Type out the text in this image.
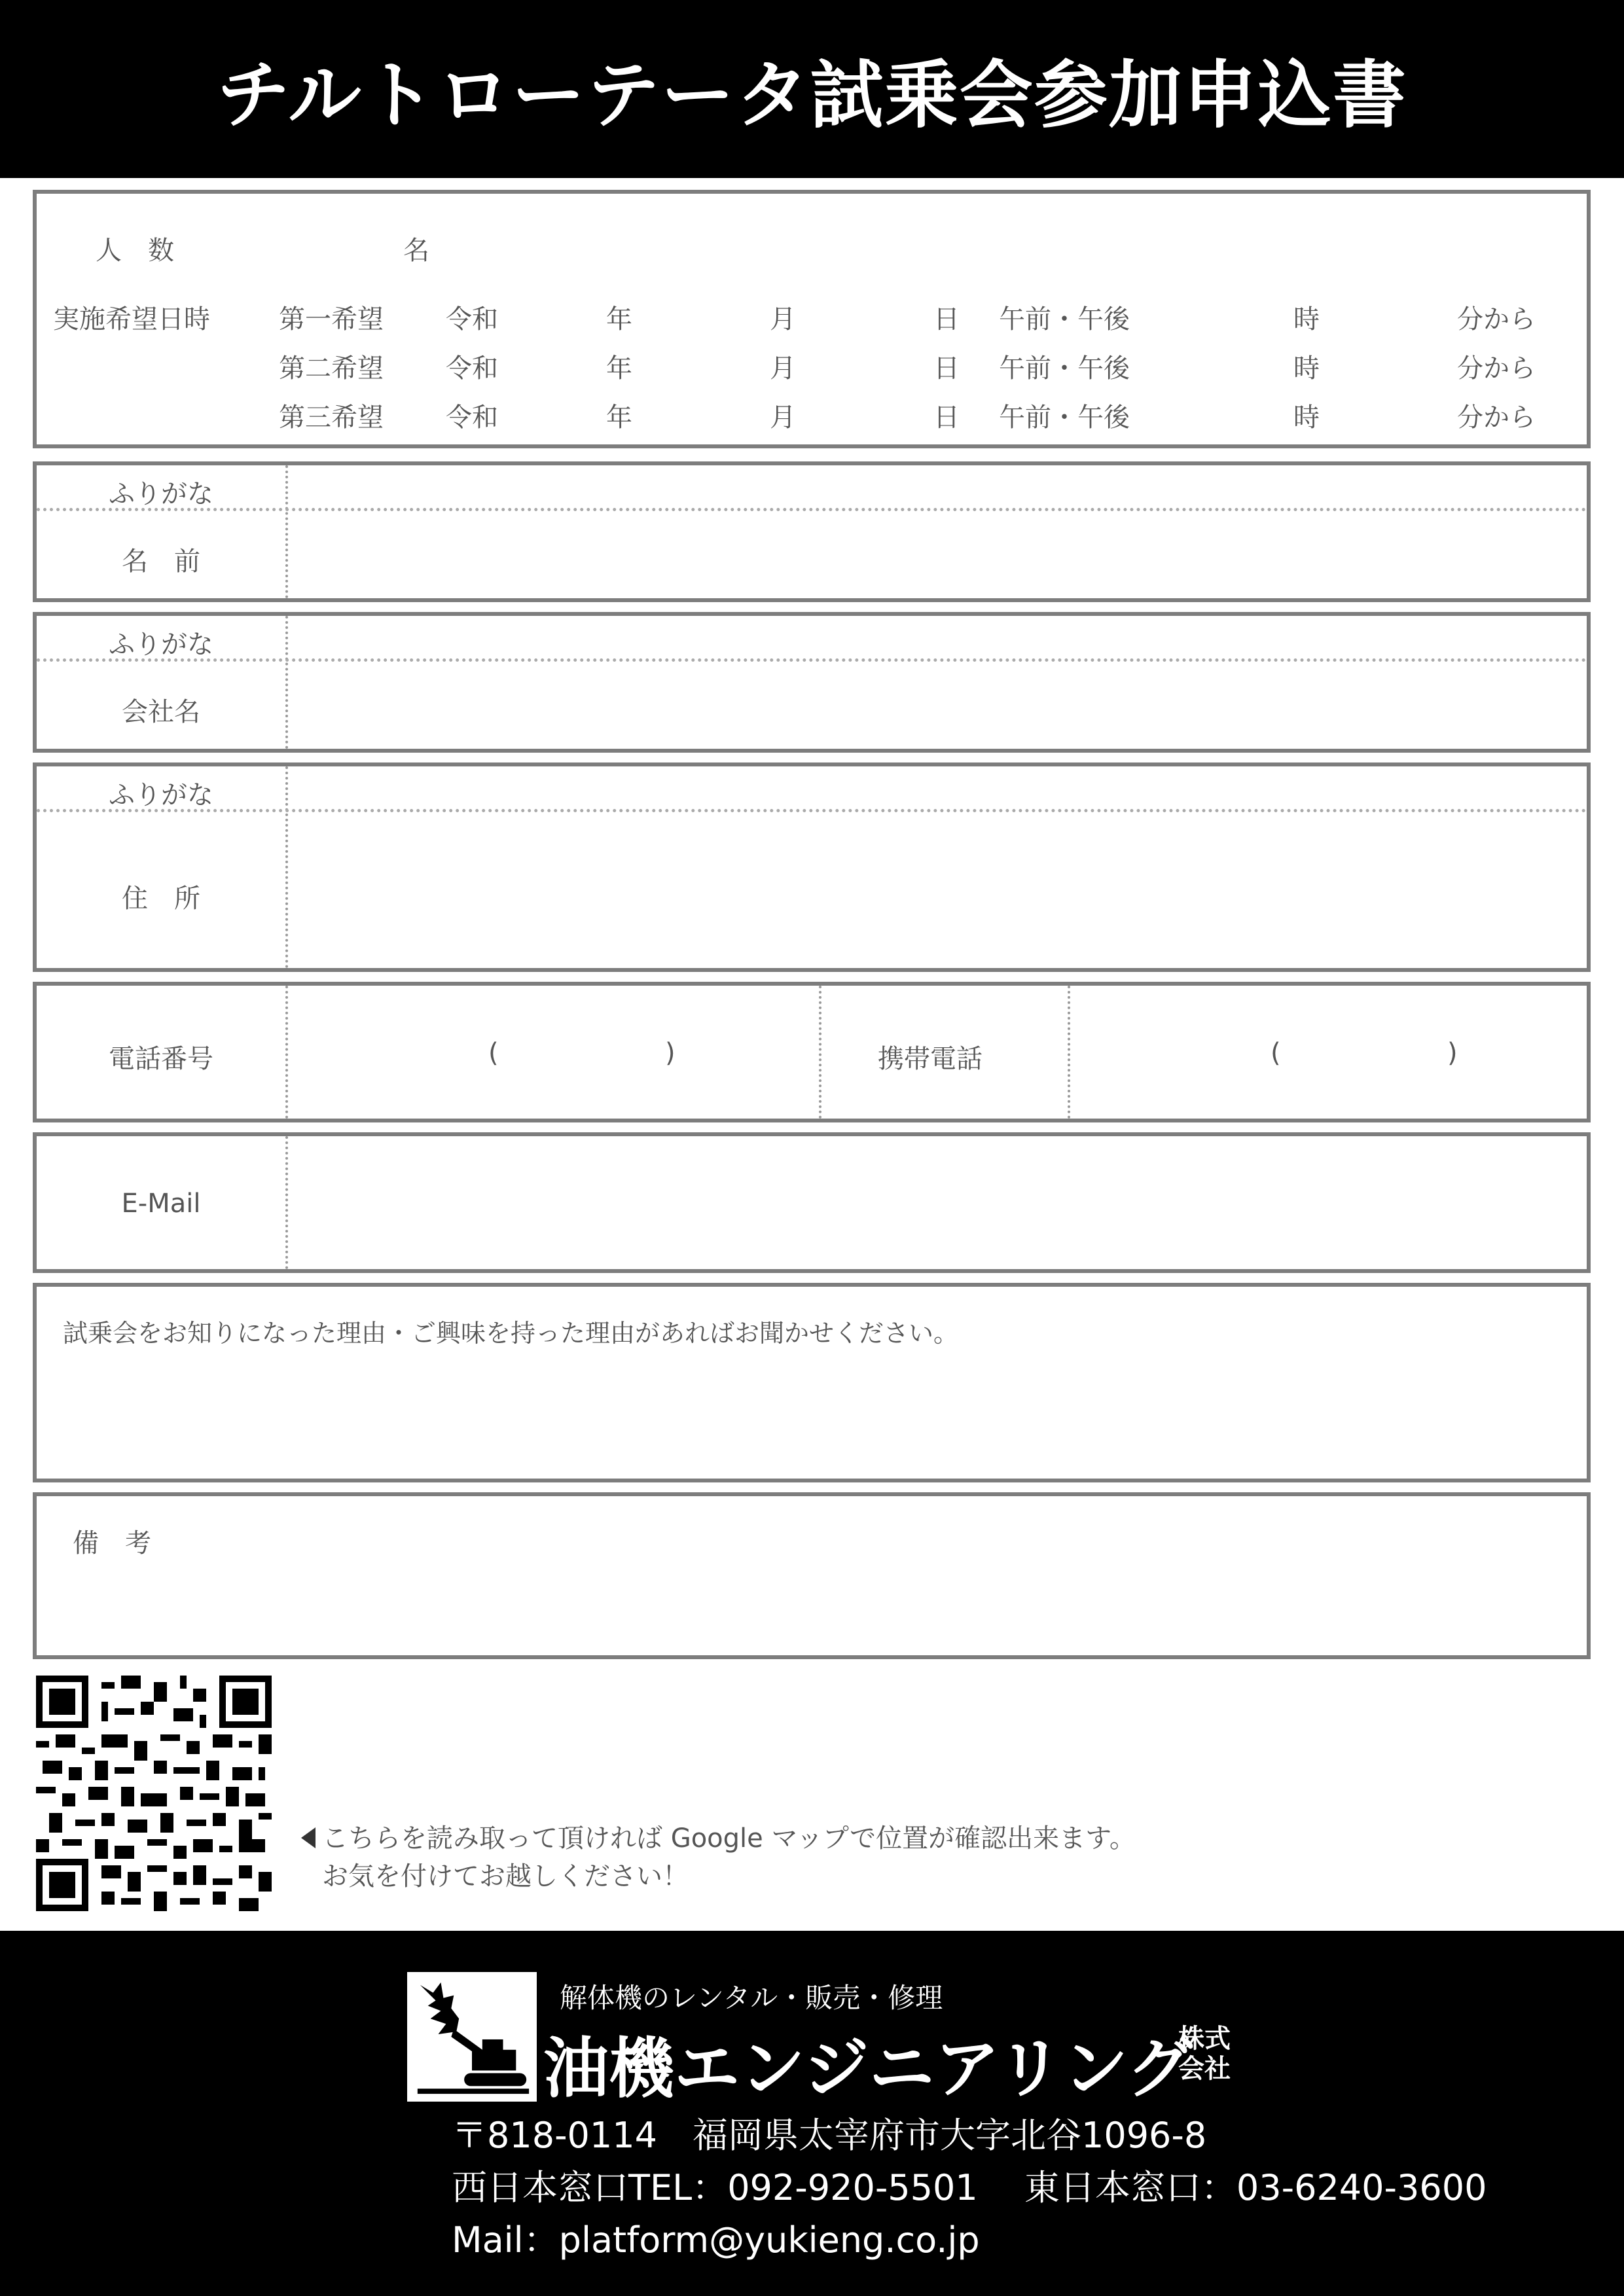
チルトローテータ試乗会参加申込書
人　数	名
実施希望日時	第一希望 令和	年	月	日 午前・午後	時	分から
第二希望 令和	年	月	日 午前・午後	時	分から
第三希望 令和	年	月	日 午前・午後	時	分から
ふりがな
名　前
ふりがな
会社名
ふりがな
住　所
電話番号	(	)	携帯電話	(	)
E-Mail
試乗会をお知りになった理由・ご興味を持った理由があればお聞かせください。
備　考
こちらを読み取って頂ければ Google マップで位置が確認出来ます。
お気を付けてお越しください！
解体機のレンタル・販売・修理
油機エンジニアリング
株式会社
〒818-0114　福岡県太宰府市大字北谷1096-8
西日本窓口TEL：092-920-5501　 東日本窓口：03-6240-3600
Mail：platform@yukieng.co.jp
